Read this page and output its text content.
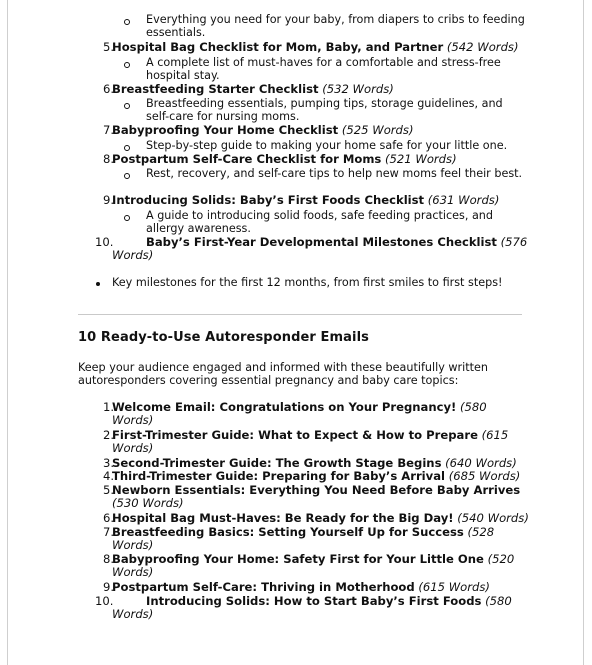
Everything you need for your baby, from diapers to cribs to feeding essentials.
5.
Hospital Bag Checklist for Mom, Baby, and Partner (542 Words)
A complete list of must-haves for a comfortable and stress-free hospital stay.
6.
Breastfeeding Starter Checklist (532 Words)
Breastfeeding essentials, pumping tips, storage guidelines, and self-care for nursing moms.
7.
Babyproofing Your Home Checklist (525 Words)
Step-by-step guide to making your home safe for your little one.
8.
Postpartum Self-Care Checklist for Moms (521 Words)
Rest, recovery, and self-care tips to help new moms feel their best.
9.
Introducing Solids: Baby’s First Foods Checklist (631 Words)
A guide to introducing solid foods, safe feeding practices, and allergy awareness.
10.	Baby’s First-Year Developmental Milestones Checklist (576
Words)
Key milestones for the first 12 months, from first smiles to first steps!
10 Ready-to-Use Autoresponder Emails
Keep your audience engaged and informed with these beautifully written autoresponders covering essential pregnancy and baby care topics:
1.
Welcome Email: Congratulations on Your Pregnancy! (580
Words)
2.
First-Trimester Guide: What to Expect & How to Prepare (615
Words)
3.
Second-Trimester Guide: The Growth Stage Begins (640 Words)
4.
Third-Trimester Guide: Preparing for Baby’s Arrival (685 Words)
5.
Newborn Essentials: Everything You Need Before Baby Arrives
(530 Words)
6.
Hospital Bag Must-Haves: Be Ready for the Big Day! (540 Words)
7.
Breastfeeding Basics: Setting Yourself Up for Success (528
Words)
8.
Babyproofing Your Home: Safety First for Your Little One (520
Words)
9.
Postpartum Self-Care: Thriving in Motherhood (615 Words)
10.	Introducing Solids: How to Start Baby’s First Foods (580
Words)
